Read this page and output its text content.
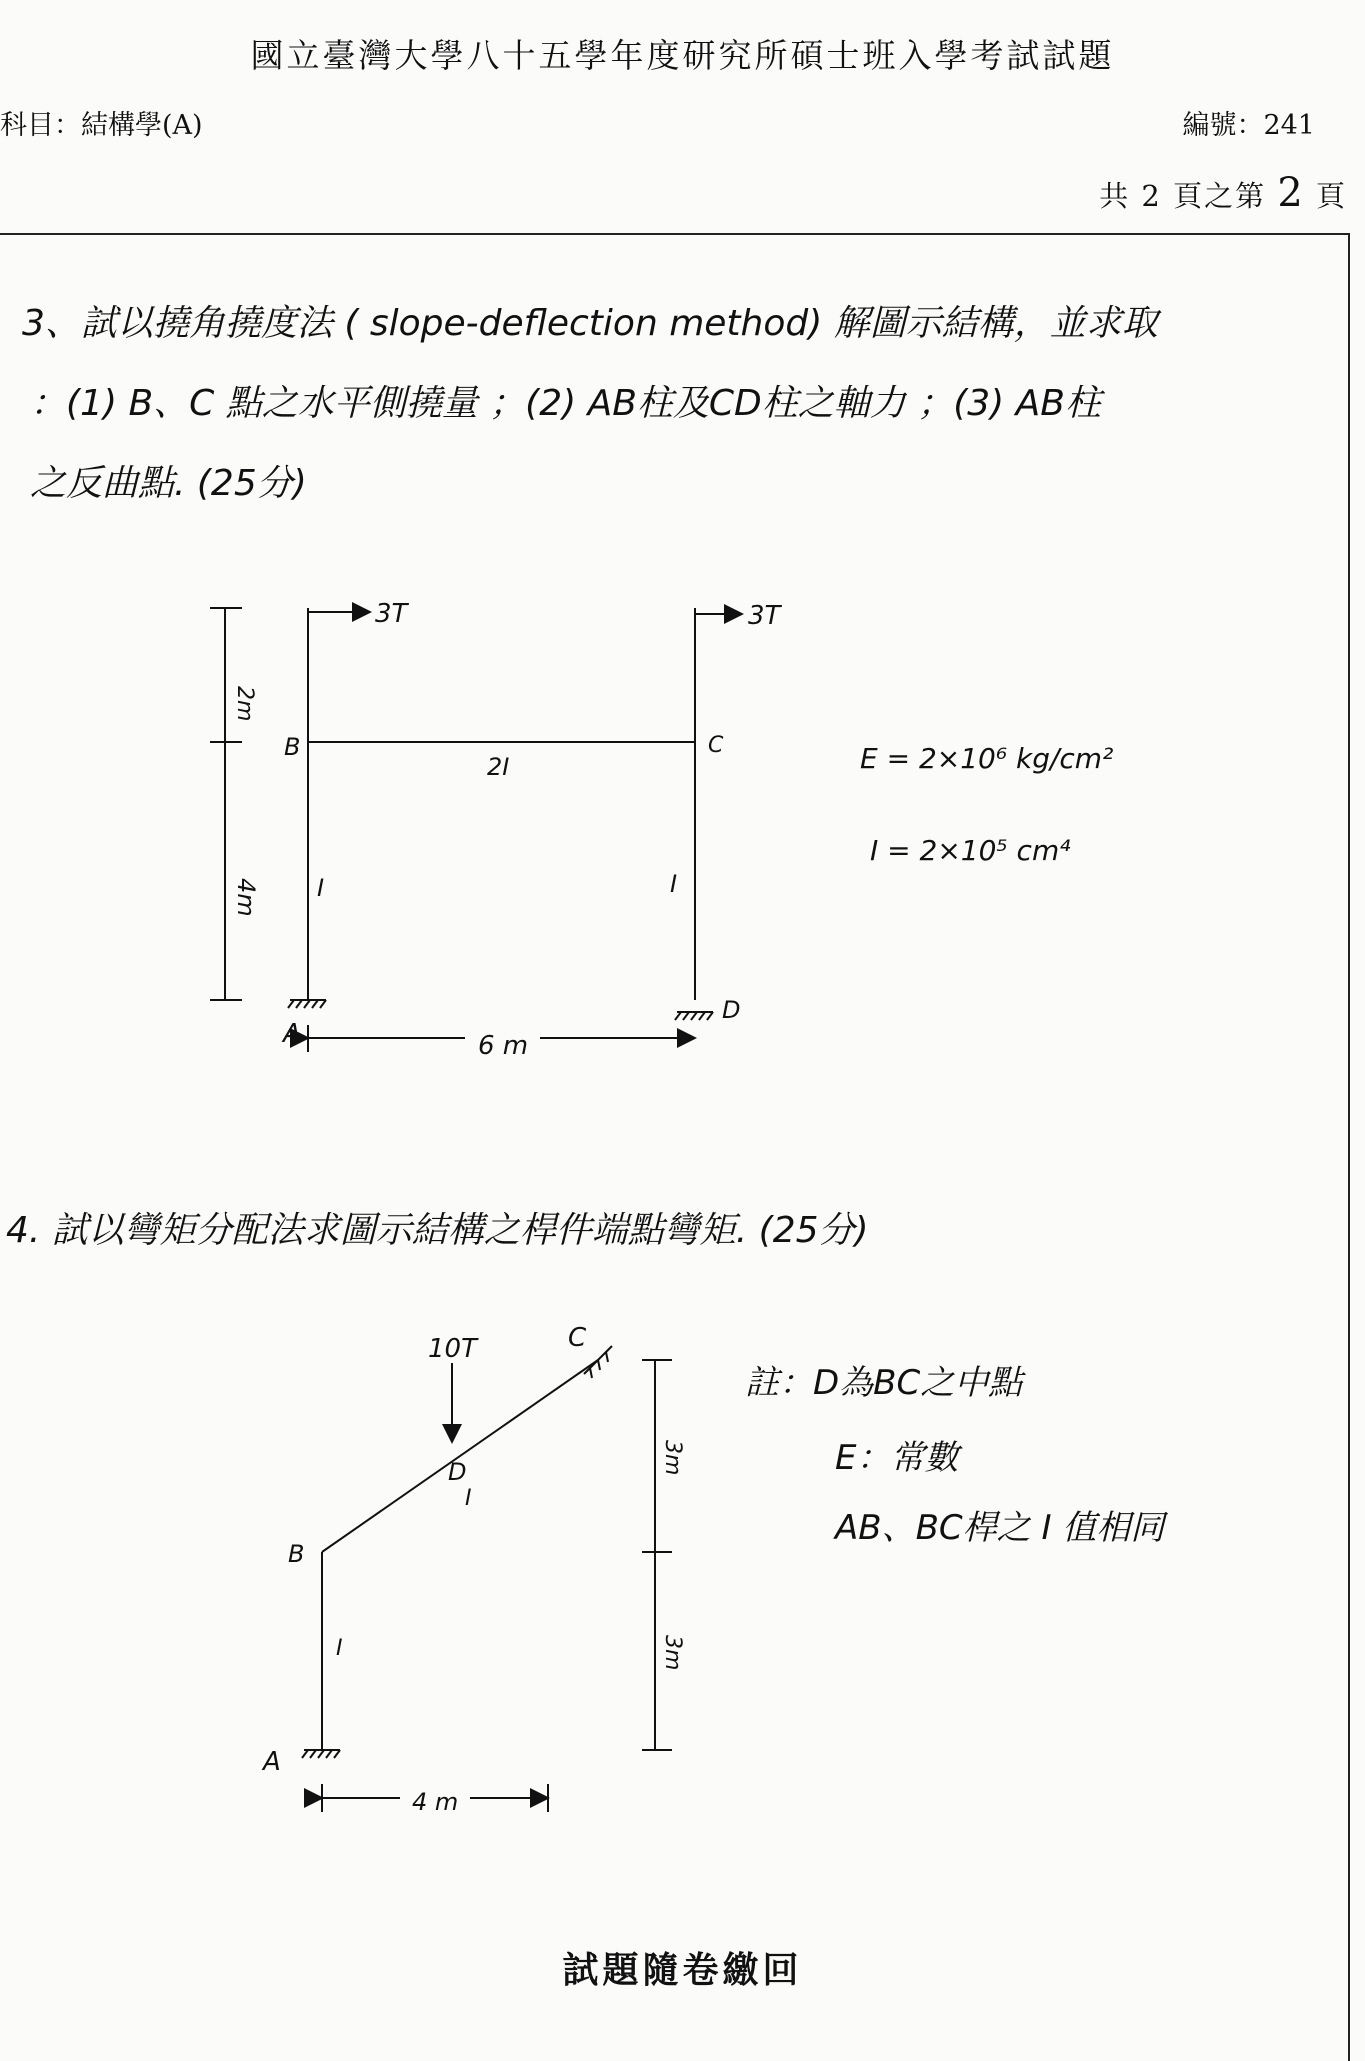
國立臺灣大學八十五學年度研究所碩士班入學考試試題
科目：結構學(A)	編號：241
共 2 頁之第 2 頁
3、試以撓角撓度法 ( slope-deflection method) 解圖示結構，並求取
：(1) B、C 點之水平側撓量 ；(2) AB柱及CD柱之軸力 ；(3) AB柱
之反曲點. (25分)
4. 試以彎矩分配法求圖示結構之桿件端點彎矩. (25分)
3T	3T
B	C
A
D
2I
I	I
2m
4m
6 m
E = 2×10⁶ kg/cm²
I = 2×10⁵ cm⁴
10T	C
D
I
B
I
A
3m
3m
4 m
註：D為BC之中點
E：常數
AB、BC桿之 I 值相同
試題隨卷繳回
